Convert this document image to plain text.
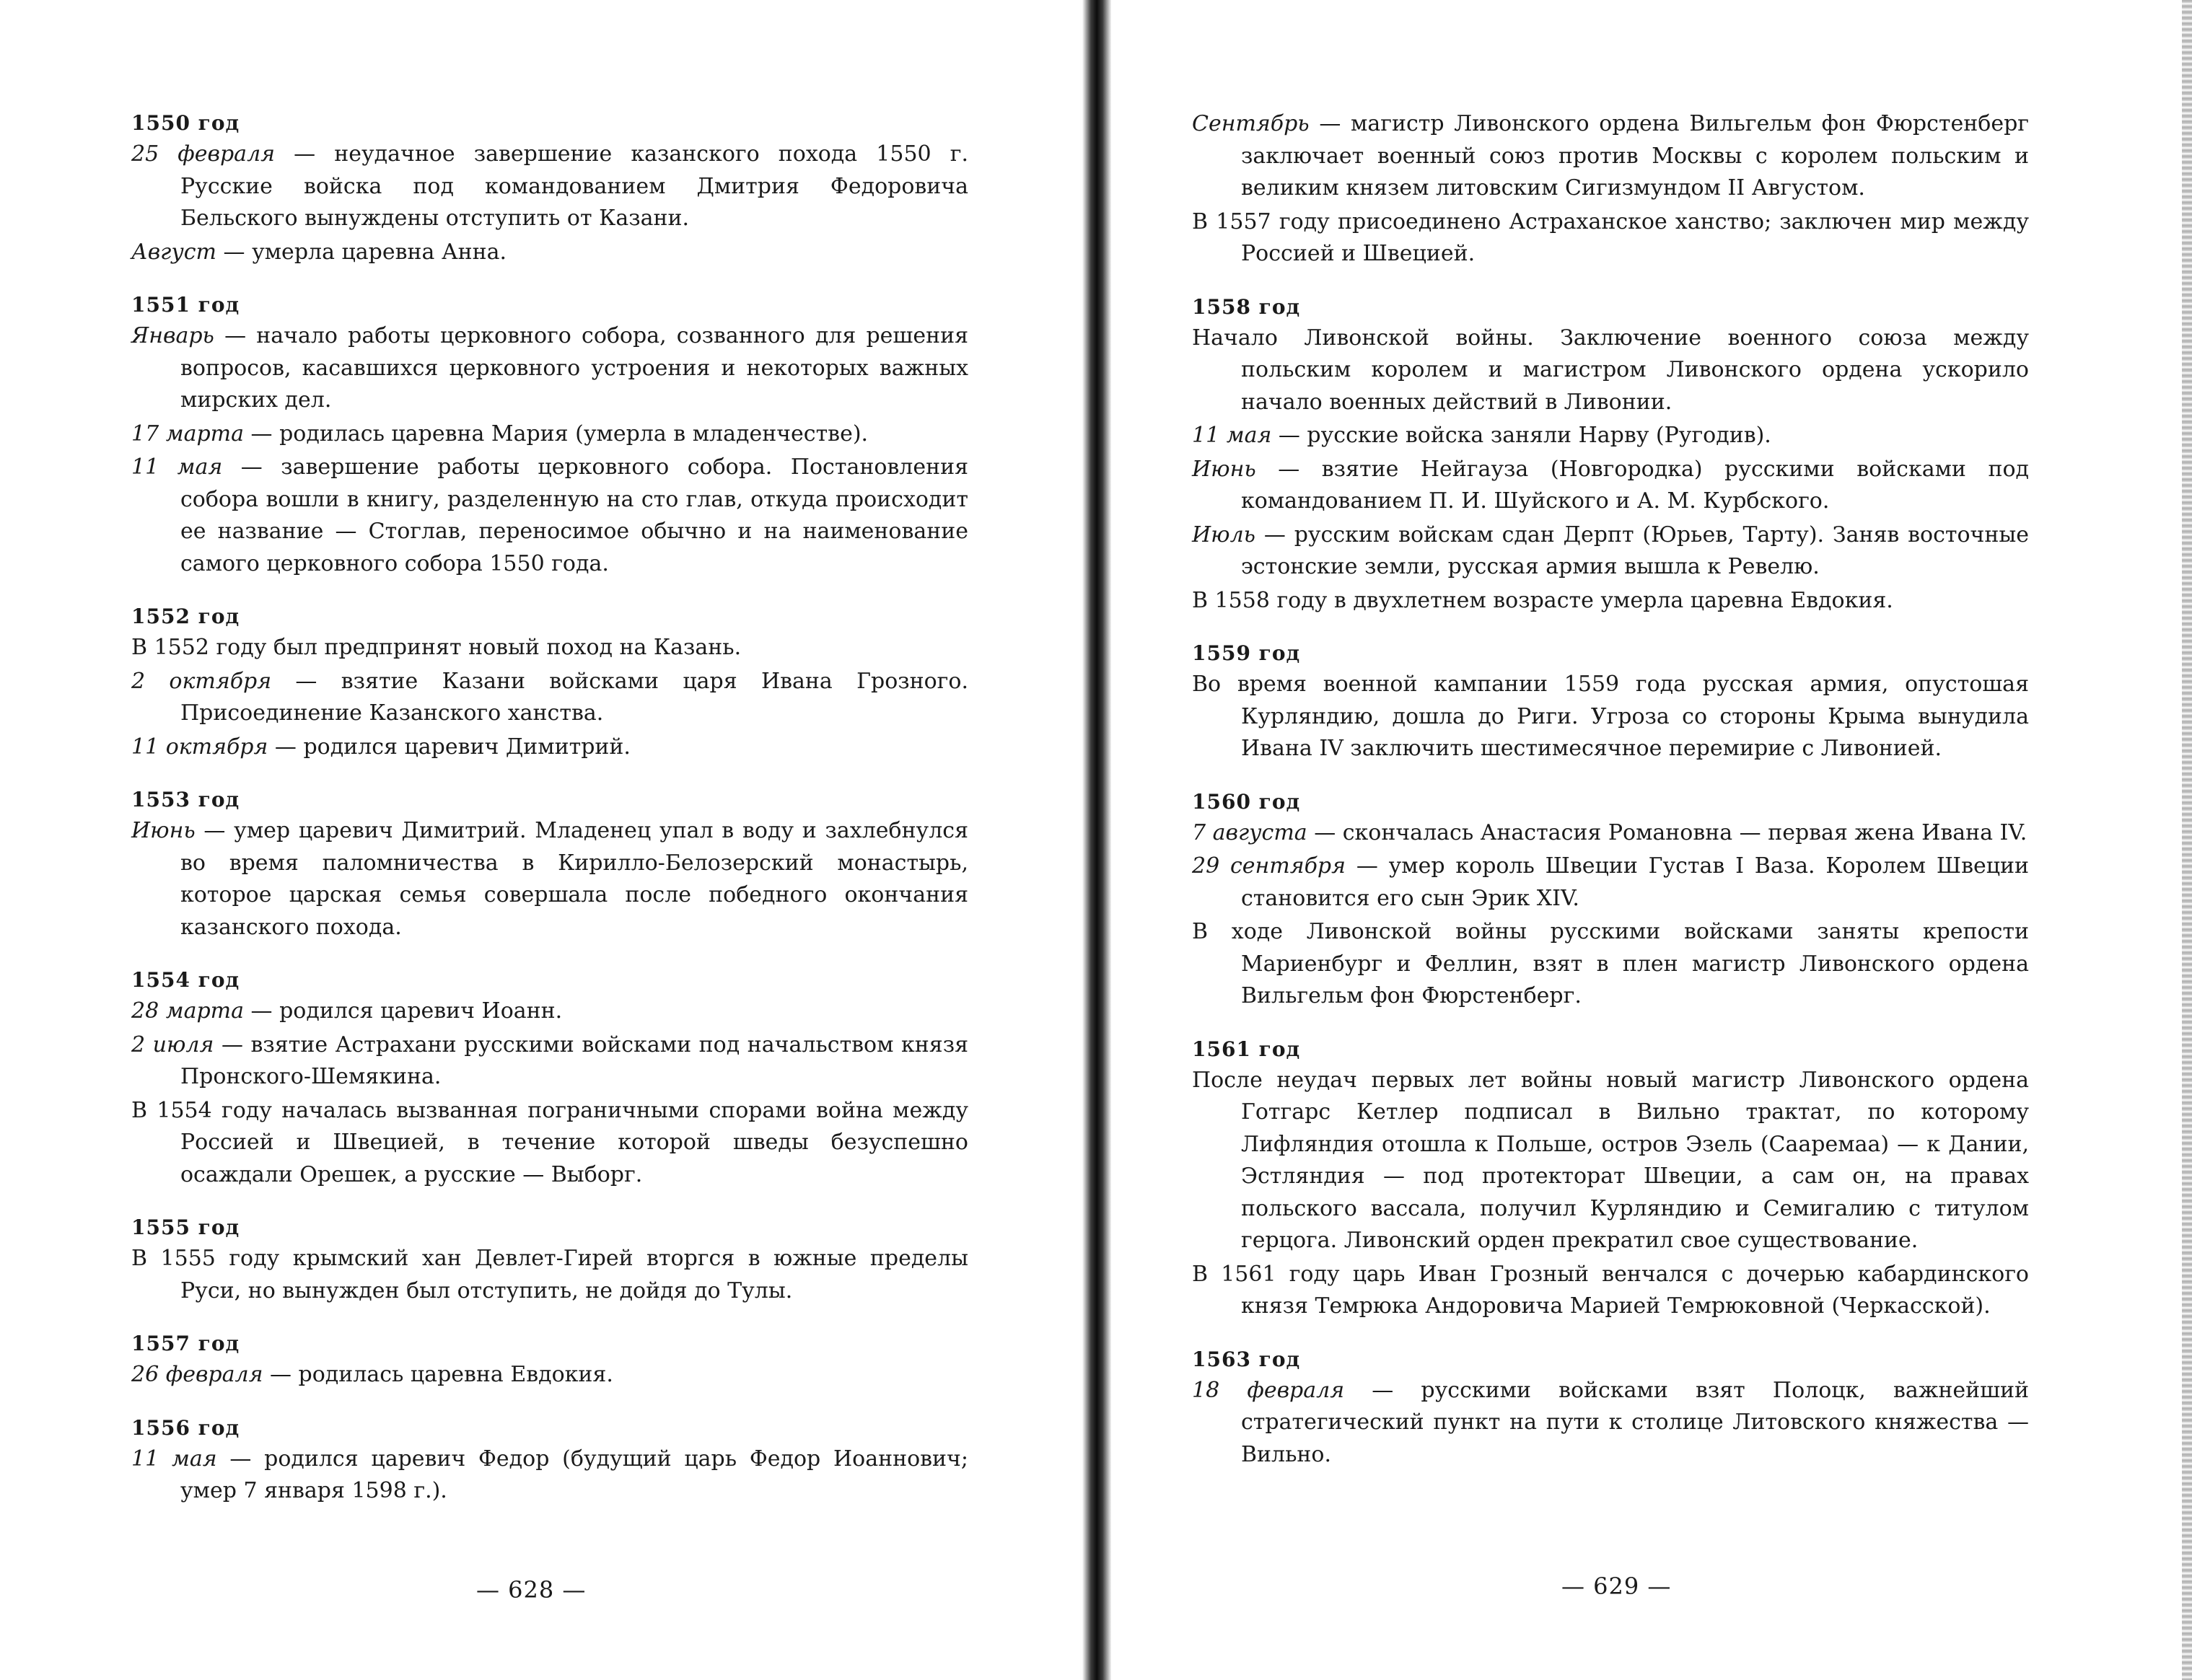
1550 год

25 февраля — неудачное завершение казанского похода 1550 г. Русские войска под командованием Дмитрия Федоровича Бельского вынуждены отступить от Казани.

Август — умерла царевна Анна.

1551 год

Январь — начало работы церковного собора, созванного для решения вопросов, касавшихся церковного устроения и некоторых важных мирских дел.

17 марта — родилась царевна Мария (умерла в младенчестве).

11 мая — завершение работы церковного собора. Постановления собора вошли в книгу, разделенную на сто глав, откуда происходит ее название — Стоглав, переносимое обычно и на наименование самого церковного собора 1550 года.

1552 год

В 1552 году был предпринят новый поход на Казань.

2 октября — взятие Казани войсками царя Ивана Грозного. Присоединение Казанского ханства.

11 октября — родился царевич Димитрий.

1553 год

Июнь — умер царевич Димитрий. Младенец упал в воду и захлебнулся во время паломничества в Кирилло-Белозерский монастырь, которое царская семья совершала после победного окончания казанского похода.

1554 год

28 марта — родился царевич Иоанн.

2 июля — взятие Астрахани русскими войсками под начальством князя Пронского-Шемякина.

В 1554 году началась вызванная пограничными спорами война между Россией и Швецией, в течение которой шведы безуспешно осаждали Орешек, а русские — Выборг.

1555 год

В 1555 году крымский хан Девлет-Гирей вторгся в южные пределы Руси, но вынужден был отступить, не дойдя до Тулы.

1557 год

26 февраля — родилась царевна Евдокия.

1556 год

11 мая — родился царевич Федор (будущий царь Федор Иоаннович; умер 7 января 1598 г.).

— 628 —

Сентябрь — магистр Ливонского ордена Вильгельм фон Фюрстенберг заключает военный союз против Москвы с королем польским и великим князем литовским Сигизмундом II Августом.

В 1557 году присоединено Астраханское ханство; заключен мир между Россией и Швецией.

1558 год

Начало Ливонской войны. Заключение военного союза между польским королем и магистром Ливонского ордена ускорило начало военных действий в Ливонии.

11 мая — русские войска заняли Нарву (Ругодив).

Июнь — взятие Нейгауза (Новгородка) русскими войсками под командованием П. И. Шуйского и А. М. Курбского.

Июль — русским войскам сдан Дерпт (Юрьев, Тарту). Заняв восточные эстонские земли, русская армия вышла к Ревелю.

В 1558 году в двухлетнем возрасте умерла царевна Евдокия.

1559 год

Во время военной кампании 1559 года русская армия, опустошая Курляндию, дошла до Риги. Угроза со стороны Крыма вынудила Ивана IV заключить шестимесячное перемирие с Ливонией.

1560 год

7 августа — скончалась Анастасия Романовна — первая жена Ивана IV.

29 сентября — умер король Швеции Густав I Ваза. Королем Швеции становится его сын Эрик XIV.

В ходе Ливонской войны русскими войсками заняты крепости Мариенбург и Феллин, взят в плен магистр Ливонского ордена Вильгельм фон Фюрстенберг.

1561 год

После неудач первых лет войны новый магистр Ливонского ордена Готгарс Кетлер подписал в Вильно трактат, по которому Лифляндия отошла к Польше, остров Эзель (Сааремаа) — к Дании, Эстляндия — под протекторат Швеции, а сам он, на правах польского вассала, получил Курляндию и Семигалию с титулом герцога. Ливонский орден прекратил свое существование.

В 1561 году царь Иван Грозный венчался с дочерью кабардинского князя Темрюка Андоровича Марией Темрюковной (Черкасской).

1563 год

18 февраля — русскими войсками взят Полоцк, важнейший стратегический пункт на пути к столице Литовского княжества — Вильно.

— 629 —
